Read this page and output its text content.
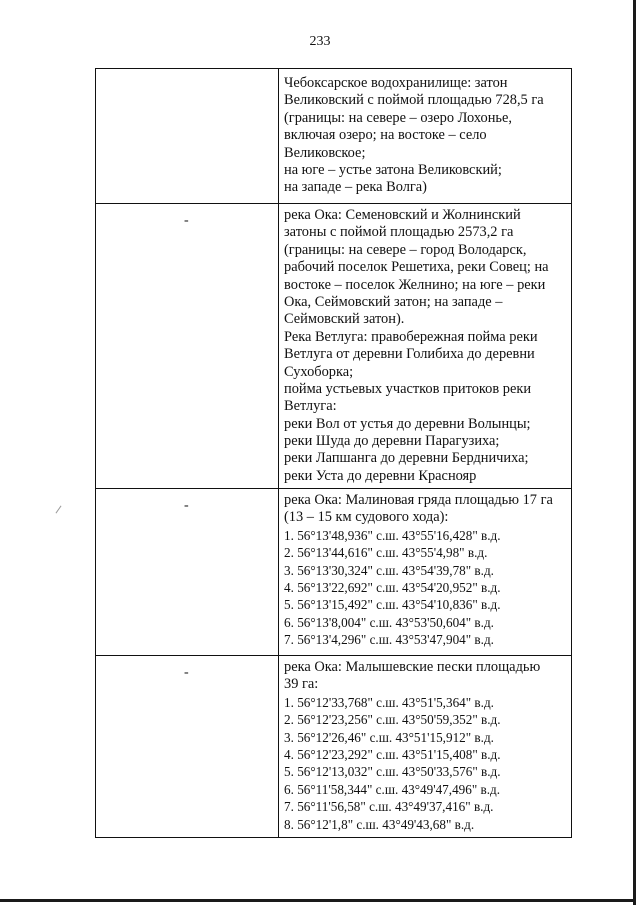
233
Чебоксарское водохранилище: затон
Великовский с поймой площадью 728,5 га
(границы: на севере – озеро Лохонье,
включая озеро; на востоке – село
Великовское;
на юге – устье затона Великовский;
на западе – река Волга)
-	река Ока: Семеновский и Жолнинский
затоны с поймой площадью 2573,2 га
(границы: на севере – город Володарск,
рабочий поселок Решетиха, реки Совец; на
востоке – поселок Желнино; на юге – реки
Ока, Сеймовский затон; на западе –
Сеймовский затон).
Река Ветлуга: правобережная пойма реки
Ветлуга от деревни Голибиха до деревни
Сухоборка;
пойма устьевых участков притоков реки
Ветлуга:
реки Вол от устья до деревни Волынцы;
реки Шуда до деревни Парагузиха;
реки Лапшанга до деревни Бердничиха;
реки Уста до деревни Краснояр
-	река Ока: Малиновая гряда площадью 17 га
(13 – 15 км судового хода):
1. 56°13'48,936" с.ш. 43°55'16,428" в.д.
2. 56°13'44,616" с.ш. 43°55'4,98" в.д.
3. 56°13'30,324" с.ш. 43°54'39,78" в.д.
4. 56°13'22,692" с.ш. 43°54'20,952" в.д.
5. 56°13'15,492" с.ш. 43°54'10,836" в.д.
6. 56°13'8,004" с.ш. 43°53'50,604" в.д.
7. 56°13'4,296" с.ш. 43°53'47,904" в.д.
-	река Ока: Малышевские пески площадью
39 га:
1. 56°12'33,768" с.ш. 43°51'5,364" в.д.
2. 56°12'23,256" с.ш. 43°50'59,352" в.д.
3. 56°12'26,46" с.ш. 43°51'15,912" в.д.
4. 56°12'23,292" с.ш. 43°51'15,408" в.д.
5. 56°12'13,032" с.ш. 43°50'33,576" в.д.
6. 56°11'58,344" с.ш. 43°49'47,496" в.д.
7. 56°11'56,58" с.ш. 43°49'37,416" в.д.
8. 56°12'1,8" с.ш. 43°49'43,68" в.д.
